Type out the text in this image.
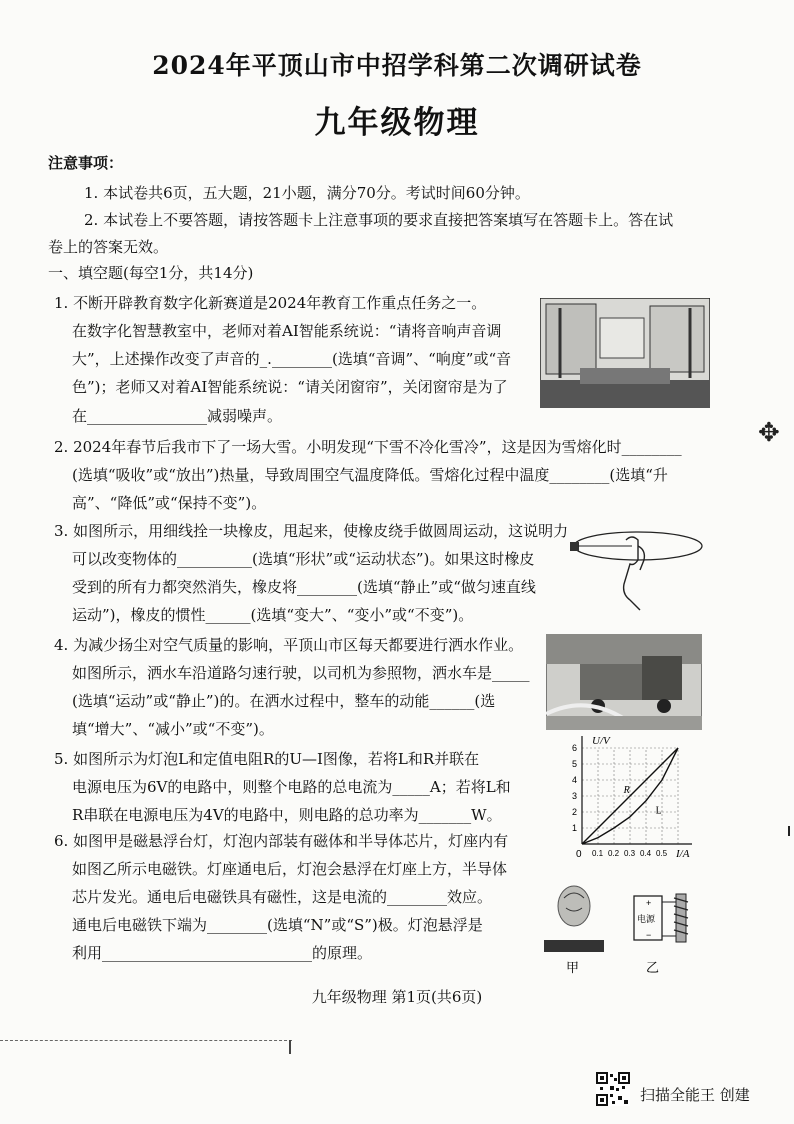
2024年平顶山市中招学科第二次调研试卷
九年级物理
注意事项：
1. 本试卷共6页，五大题，21小题，满分70分。考试时间60分钟。
2. 本试卷上不要答题，请按答题卡上注意事项的要求直接把答案填写在答题卡上。答在试
卷上的答案无效。
一、填空题(每空1分，共14分)
1. 不断开辟教育数字化新赛道是2024年教育工作重点任务之一。
在数字化智慧教室中，老师对着AI智能系统说：“请将音响声音调
大”，上述操作改变了声音的_.________(选填“音调”、“响度”或“音
色”)；老师又对着AI智能系统说：“请关闭窗帘”，关闭窗帘是为了
在________________减弱噪声。
✥
2. 2024年春节后我市下了一场大雪。小明发现“下雪不冷化雪冷”，这是因为雪熔化时________
(选填“吸收”或“放出”)热量，导致周围空气温度降低。雪熔化过程中温度________(选填“升
高”、“降低”或“保持不变”)。
3. 如图所示，用细线拴一块橡皮，甩起来，使橡皮绕手做圆周运动，这说明力
可以改变物体的__________(选填“形状”或“运动状态”)。如果这时橡皮
受到的所有力都突然消失，橡皮将________(选填“静止”或“做匀速直线
运动”)，橡皮的惯性______(选填“变大”、“变小”或“不变”)。
4. 为减少扬尘对空气质量的影响，平顶山市区每天都要进行洒水作业。
如图所示，洒水车沿道路匀速行驶，以司机为参照物，洒水车是_____
(选填“运动”或“静止”)的。在洒水过程中，整车的动能______(选
填“增大”、“减小”或“不变”)。
5. 如图所示为灯泡L和定值电阻R的U—I图像，若将L和R并联在
电源电压为6V的电路中，则整个电路的总电流为_____A；若将L和
R串联在电源电压为4V的电路中，则电路的总功率为_______W。
U/V
I/A
0
1
2
3
4
5
6
0.1 0.2 0.3 0.4 0.5
R
L
6. 如图甲是磁悬浮台灯，灯泡内部装有磁体和半导体芯片，灯座内有
如图乙所示电磁铁。灯座通电后，灯泡会悬浮在灯座上方，半导体
芯片发光。通电后电磁铁具有磁性，这是电流的________效应。
通电后电磁铁下端为________(选填“N”或“S”)极。灯泡悬浮是
利用____________________________的原理。
甲
电源
+
−
乙
九年级物理 第1页(共6页)
扫描全能王 创建
